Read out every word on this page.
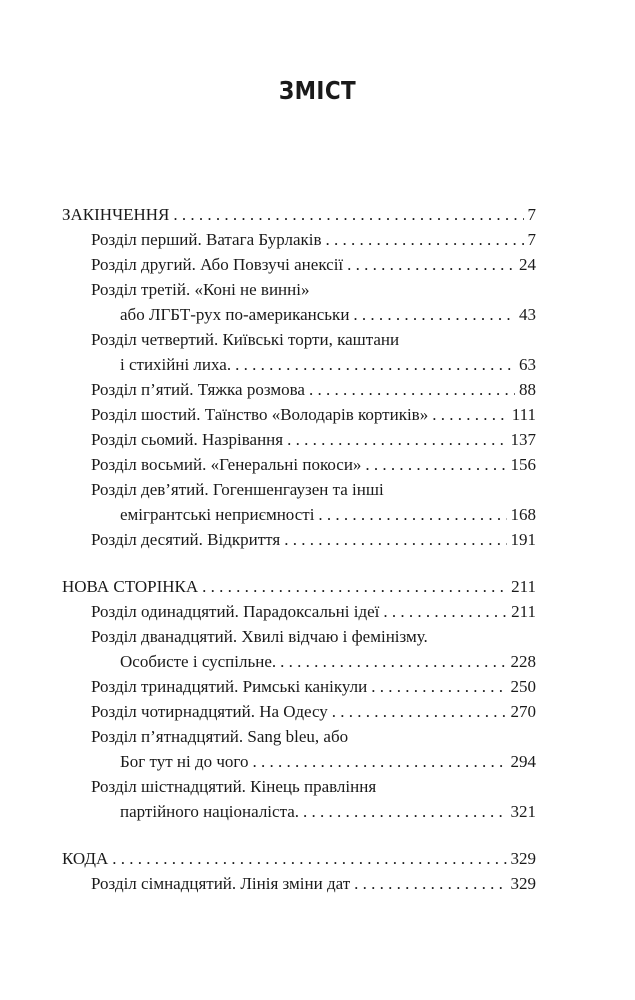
ЗМІСТ
ЗАКІНЧЕННЯ . . .	7
Розділ перший. Ватага Бурлаків . . .	7
Розділ другий. Або Повзучі анексії . . .	24
Розділ третій. «Коні не винні»
або ЛГБТ-рух по-американськи . . .	43
Розділ четвертий. Київські торти, каштани
і стихійні лиха. . . .	63
Розділ п’ятий. Тяжка розмова . . .	88
Розділ шостий. Таїнство «Володарів кортиків» . . .	111
Розділ сьомий. Назрівання . . .	137
Розділ восьмий. «Генеральні покоси» . . .	156
Розділ дев’ятий. Гогеншенгаузен та інші
емігрантські неприємності . . .	168
Розділ десятий. Відкриття . . .	191
НОВА СТОРІНКА . . .	211
Розділ одинадцятий. Парадоксальні ідеї . . .	211
Розділ дванадцятий. Хвилі відчаю і фемінізму.
Особисте і суспільне. . . .	228
Розділ тринадцятий. Римські канікули . . .	250
Розділ чотирнадцятий. На Одесу . . .	270
Розділ п’ятнадцятий. Sang bleu, або
Бог тут ні до чого . . .	294
Розділ шістнадцятий. Кінець правління
партійного націоналіста. . . .	321
КОДА . . .	329
Розділ сімнадцятий. Лінія зміни дат . . .	329
